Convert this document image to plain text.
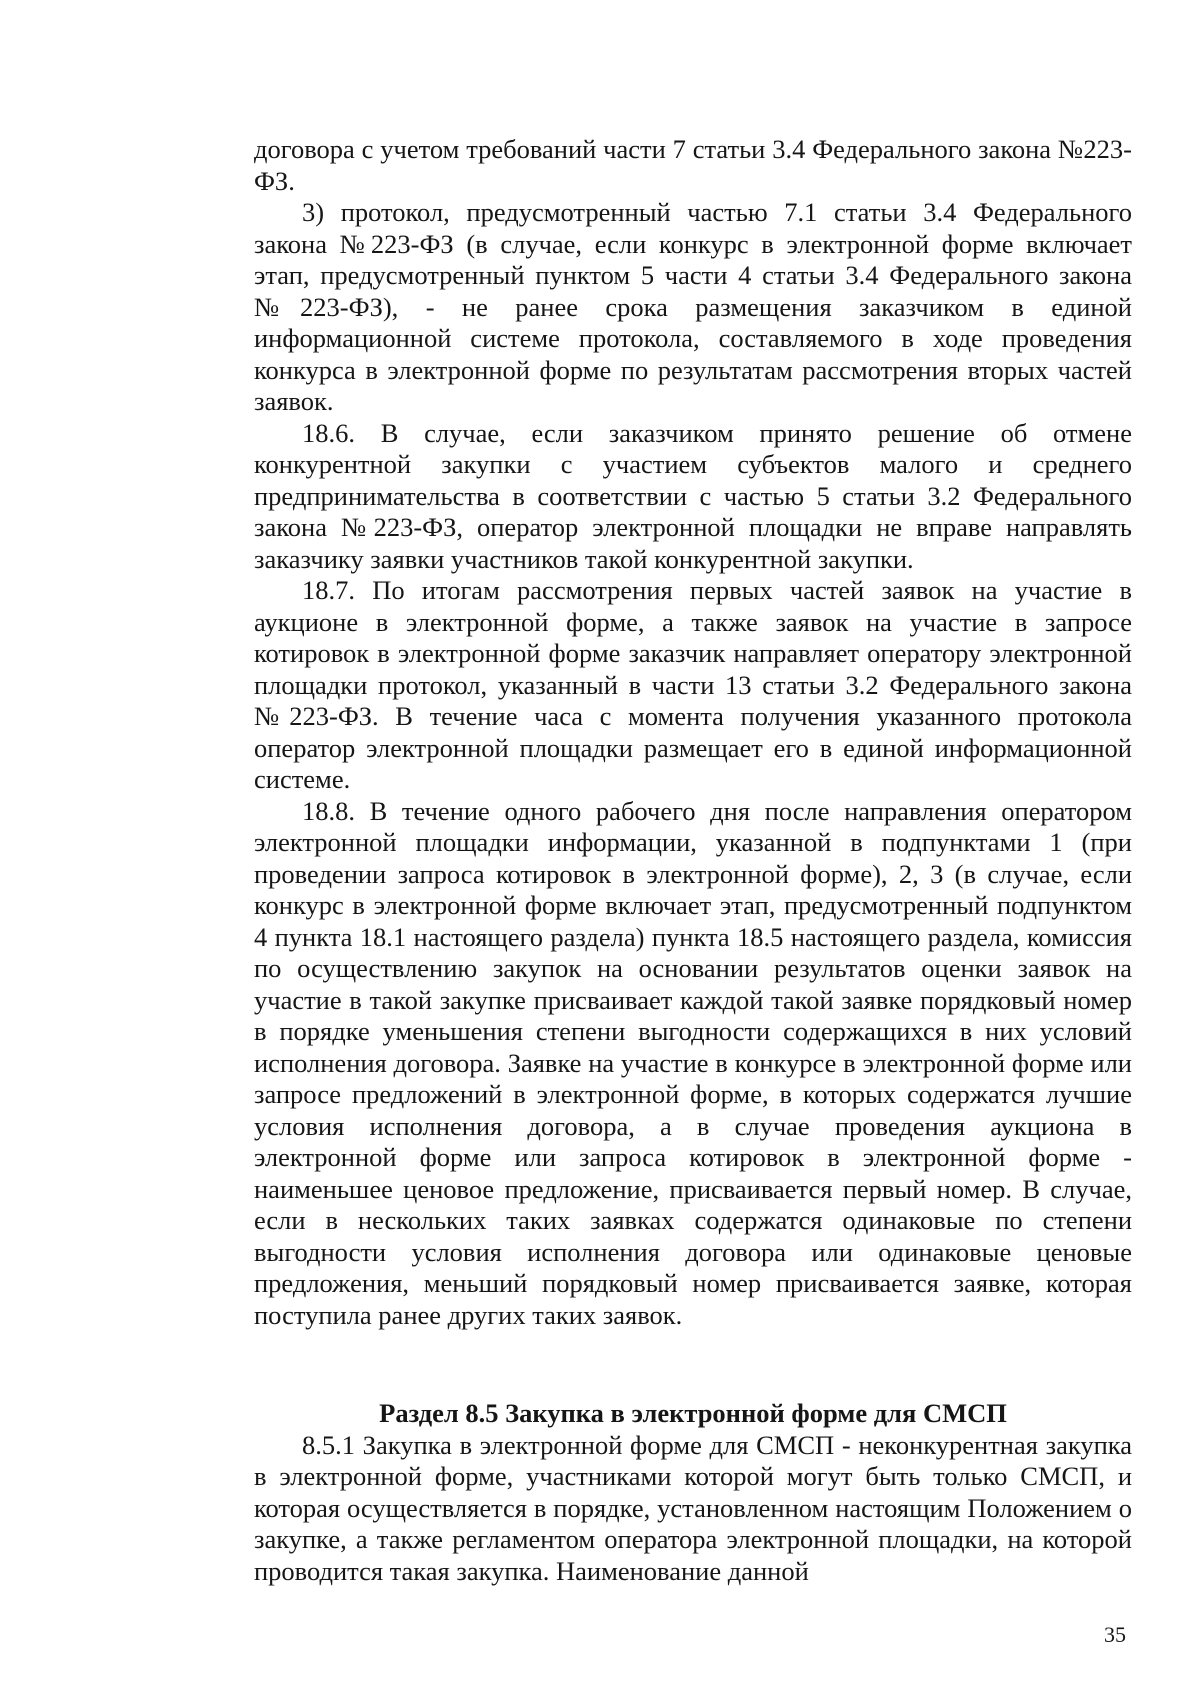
договора с учетом требований части 7 статьи 3.4 Федерального закона №223-ФЗ.

3) протокол, предусмотренный частью 7.1 статьи 3.4 Федерального закона №223-ФЗ (в случае, если конкурс в электронной форме включает этап, предусмотренный пунктом 5 части 4 статьи 3.4 Федерального закона №223-ФЗ), - не ранее срока размещения заказчиком в единой информационной системе протокола, составляемого в ходе проведения конкурса в электронной форме по результатам рассмотрения вторых частей заявок.

18.6. В случае, если заказчиком принято решение об отмене конкурентной закупки с участием субъектов малого и среднего предпринимательства в соответствии с частью 5 статьи 3.2 Федерального закона №223-ФЗ, оператор электронной площадки не вправе направлять заказчику заявки участников такой конкурентной закупки.

18.7. По итогам рассмотрения первых частей заявок на участие в аукционе в электронной форме, а также заявок на участие в запросе котировок в электронной форме заказчик направляет оператору электронной площадки протокол, указанный в части 13 статьи 3.2 Федерального закона №223-ФЗ. В течение часа с момента получения указанного протокола оператор электронной площадки размещает его в единой информационной системе.

18.8. В течение одного рабочего дня после направления оператором электронной площадки информации, указанной в подпунктами 1 (при проведении запроса котировок в электронной форме), 2, 3 (в случае, если конкурс в электронной форме включает этап, предусмотренный подпунктом 4 пункта 18.1 настоящего раздела) пункта 18.5 настоящего раздела, комиссия по осуществлению закупок на основании результатов оценки заявок на участие в такой закупке присваивает каждой такой заявке порядковый номер в порядке уменьшения степени выгодности содержащихся в них условий исполнения договора. Заявке на участие в конкурсе в электронной форме или запросе предложений в электронной форме, в которых содержатся лучшие условия исполнения договора, а в случае проведения аукциона в электронной форме или запроса котировок в электронной форме - наименьшее ценовое предложение, присваивается первый номер. В случае, если в нескольких таких заявках содержатся одинаковые по степени выгодности условия исполнения договора или одинаковые ценовые предложения, меньший порядковый номер присваивается заявке, которая поступила ранее других таких заявок.

Раздел 8.5 Закупка в электронной форме для СМСП

8.5.1 Закупка в электронной форме для СМСП - неконкурентная закупка в электронной форме, участниками которой могут быть только СМСП, и которая осуществляется в порядке, установленном настоящим Положением о закупке, а также регламентом оператора электронной площадки, на которой проводится такая закупка. Наименование данной

35
